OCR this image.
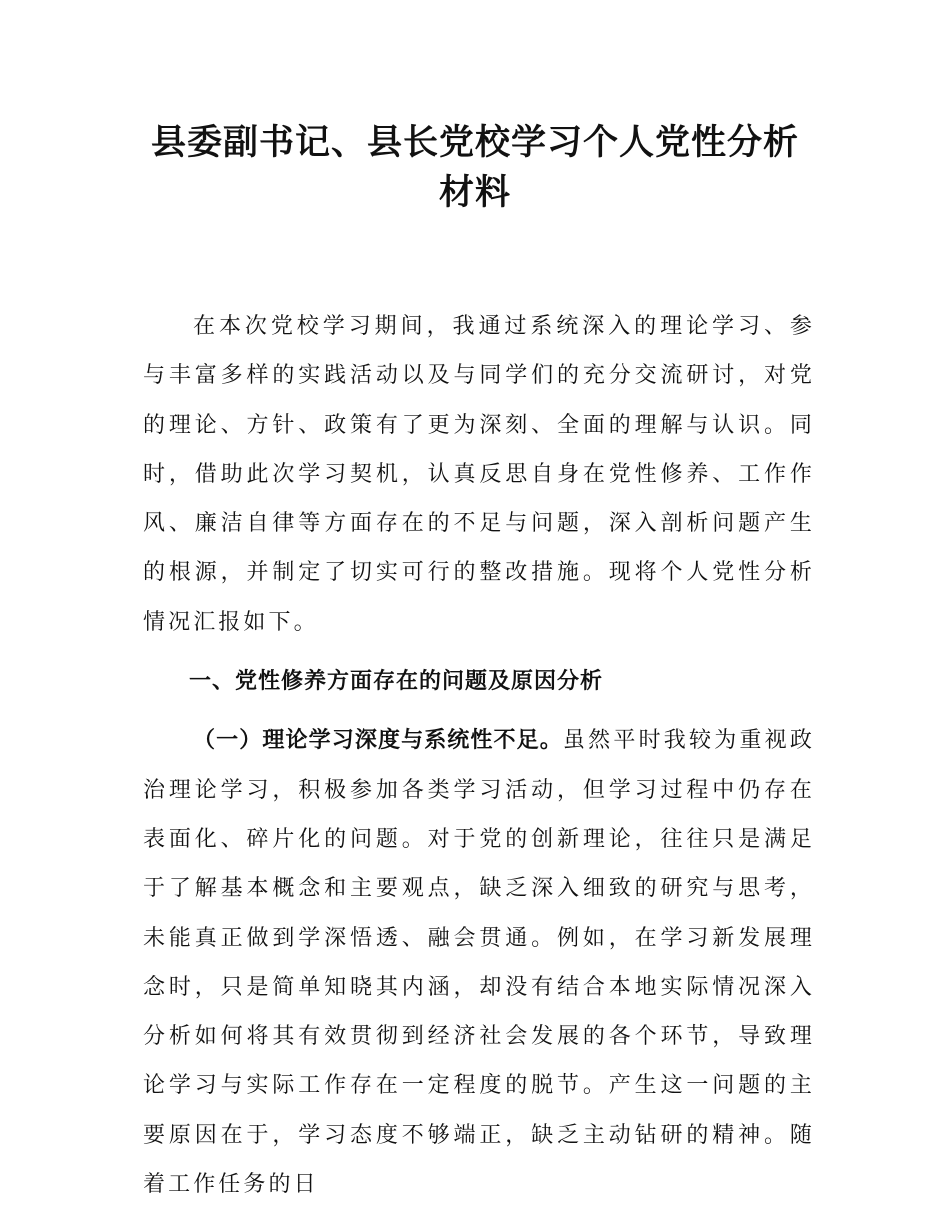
县委副书记、县长党校学习个人党性分析材料

在本次党校学习期间，我通过系统深入的理论学习、参与丰富多样的实践活动以及与同学们的充分交流研讨，对党的理论、方针、政策有了更为深刻、全面的理解与认识。同时，借助此次学习契机，认真反思自身在党性修养、工作作风、廉洁自律等方面存在的不足与问题，深入剖析问题产生的根源，并制定了切实可行的整改措施。现将个人党性分析情况汇报如下。

一、党性修养方面存在的问题及原因分析

（一）理论学习深度与系统性不足。虽然平时我较为重视政治理论学习，积极参加各类学习活动，但学习过程中仍存在表面化、碎片化的问题。对于党的创新理论，往往只是满足于了解基本概念和主要观点，缺乏深入细致的研究与思考，未能真正做到学深悟透、融会贯通。例如，在学习新发展理念时，只是简单知晓其内涵，却没有结合本地实际情况深入分析如何将其有效贯彻到经济社会发展的各个环节，导致理论学习与实际工作存在一定程度的脱节。产生这一问题的主要原因在于，学习态度不够端正，缺乏主动钻研的精神。随着工作任务的日
